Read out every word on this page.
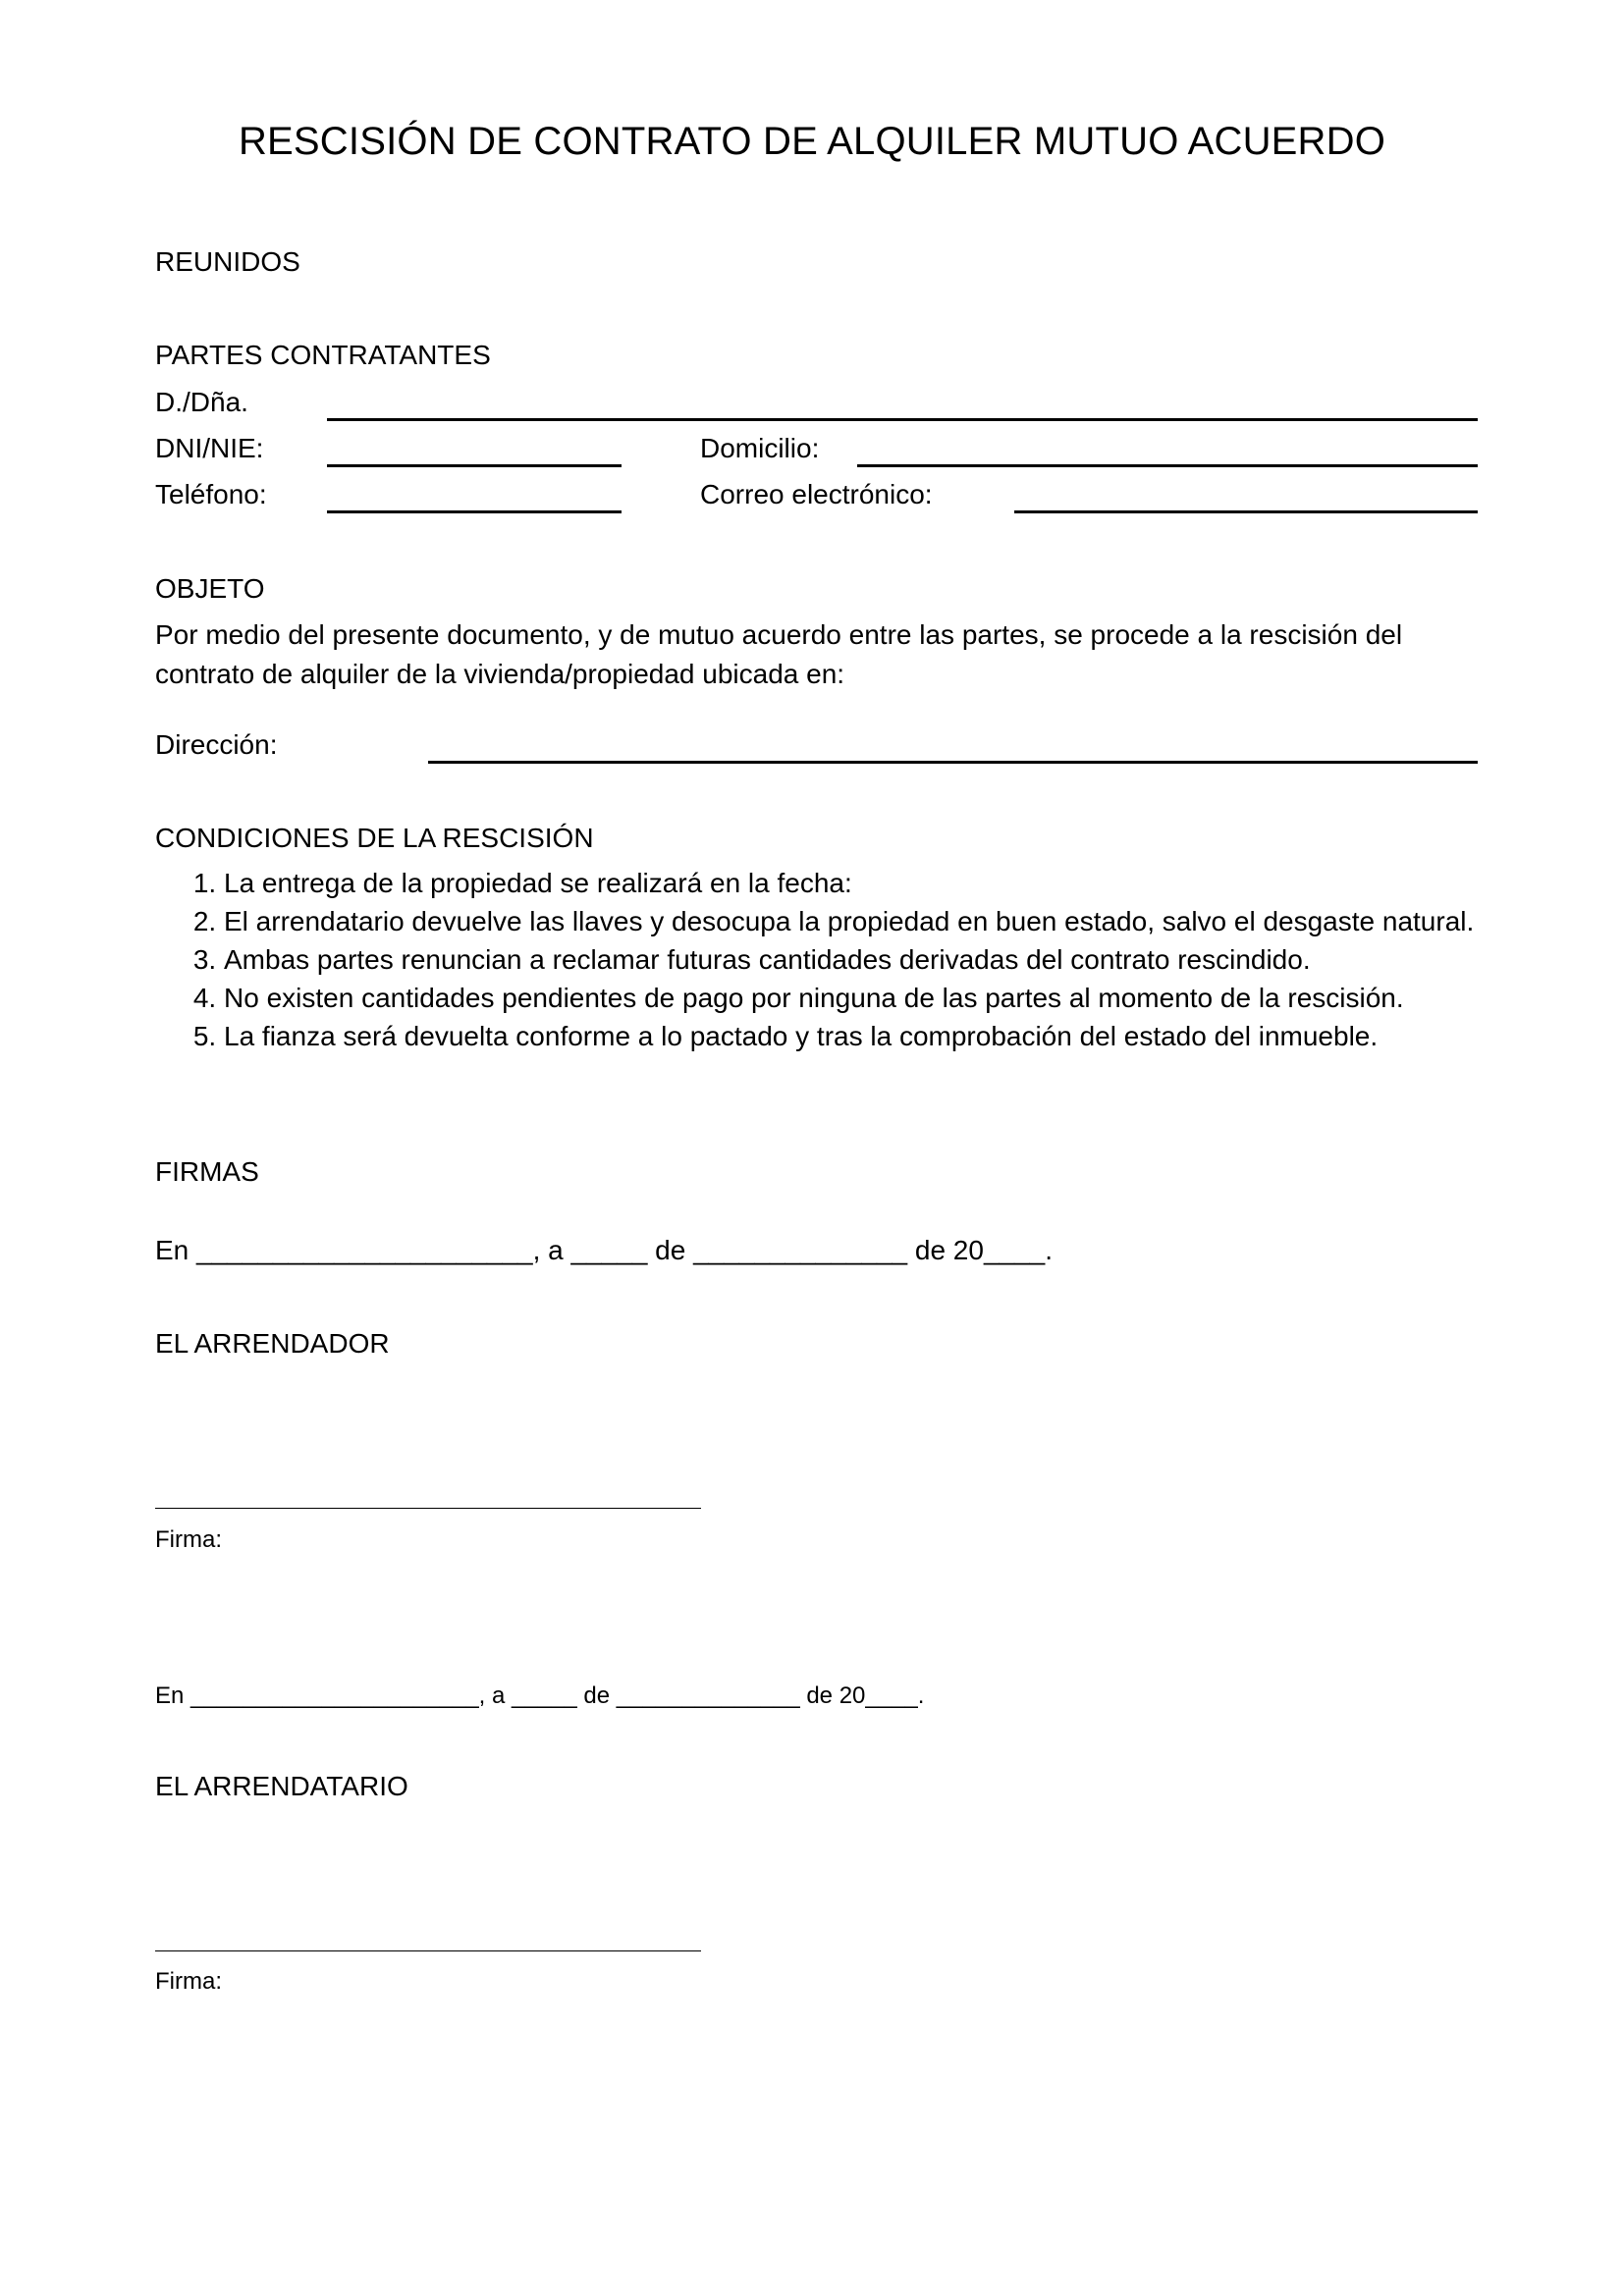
RESCISIÓN DE CONTRATO DE ALQUILER MUTUO ACUERDO
REUNIDOS
PARTES CONTRATANTES
D./Dña.
DNI/NIE:	Domicilio:
Teléfono:	Correo electrónico:
OBJETO
Por medio del presente documento, y de mutuo acuerdo entre las partes, se procede a la rescisión del contrato de alquiler de la vivienda/propiedad ubicada en:
Dirección:
CONDICIONES DE LA RESCISIÓN
1. La entrega de la propiedad se realizará en la fecha:
2. El arrendatario devuelve las llaves y desocupa la propiedad en buen estado, salvo el desgaste natural.
3. Ambas partes renuncian a reclamar futuras cantidades derivadas del contrato rescindido.
4. No existen cantidades pendientes de pago por ninguna de las partes al momento de la rescisión.
5. La fianza será devuelta conforme a lo pactado y tras la comprobación del estado del inmueble.
FIRMAS
En ______________________, a _____ de ______________ de 20____.
EL ARRENDADOR
Firma:
En ______________________, a _____ de ______________ de 20____.
EL ARRENDATARIO
Firma:
